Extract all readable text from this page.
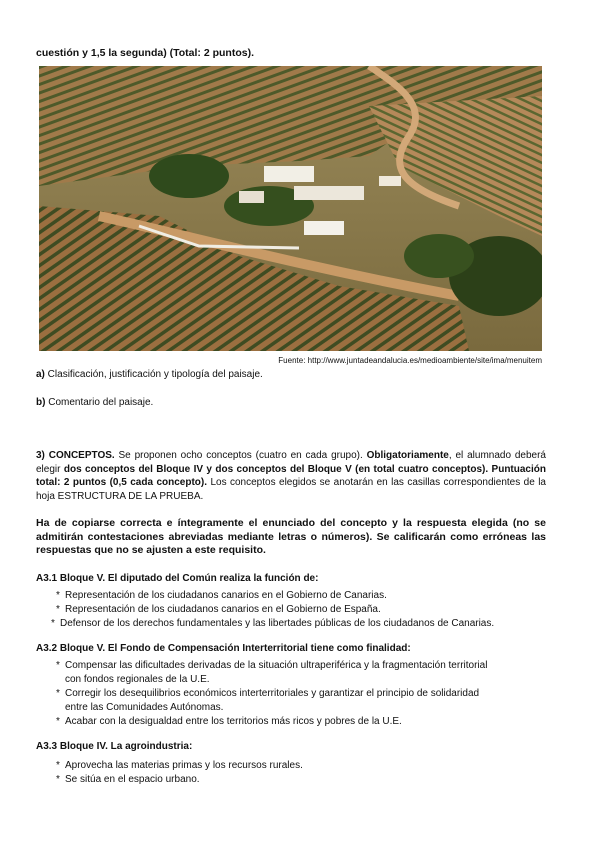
cuestión y 1,5 la segunda) (Total: 2 puntos).
Fuente: http://www.juntadeandalucia.es/medioambiente/site/ima/menuitem
a) Clasificación, justificación y tipología del paisaje.
b) Comentario del paisaje.
3) CONCEPTOS. Se proponen ocho conceptos (cuatro en cada grupo). Obligatoriamente, el alumnado deberá elegir dos conceptos del Bloque IV y dos conceptos del Bloque V (en total cuatro conceptos). Puntuación total: 2 puntos (0,5 cada concepto). Los conceptos elegidos se anotarán en las casillas correspondientes de la hoja ESTRUCTURA DE LA PRUEBA.
Ha de copiarse correcta e íntegramente el enunciado del concepto y la respuesta elegida (no se admitirán contestaciones abreviadas mediante letras o números). Se calificarán como erróneas las respuestas que no se ajusten a este requisito.
A3.1 Bloque V. El diputado del Común realiza la función de:
* Representación de los ciudadanos canarios en el Gobierno de Canarias.
* Representación de los ciudadanos canarios en el Gobierno de España.
* Defensor de los derechos fundamentales y las libertades públicas de los ciudadanos de Canarias.
A3.2 Bloque V. El Fondo de Compensación Interterritorial tiene como finalidad:
* Compensar las dificultades derivadas de la situación ultraperiférica y la fragmentación territorial
con fondos regionales de la U.E.
* Corregir los desequilibrios económicos interterritoriales y garantizar el principio de solidaridad
entre las Comunidades Autónomas.
* Acabar con la desigualdad entre los territorios más ricos y pobres de la U.E.
A3.3 Bloque IV. La agroindustria:
* Aprovecha las materias primas y los recursos rurales.
* Se sitúa en el espacio urbano.
